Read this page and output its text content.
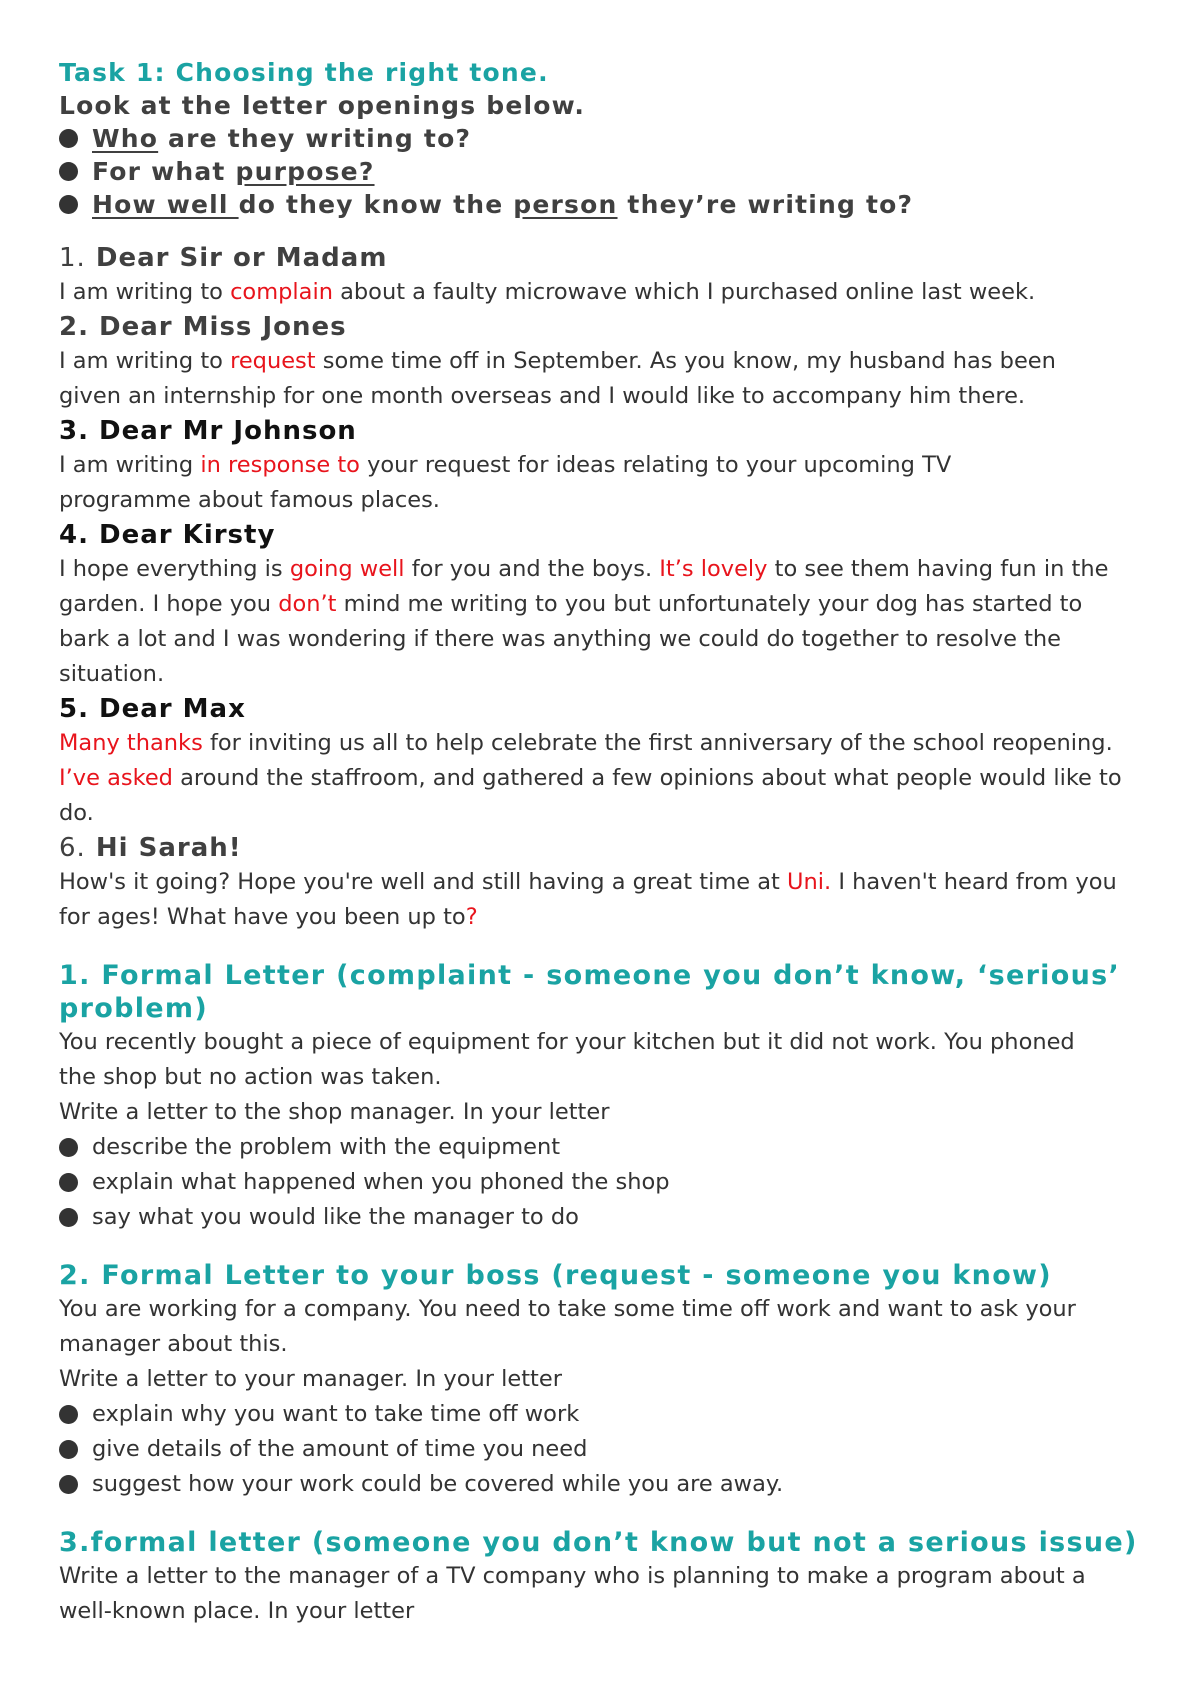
Task 1: Choosing the right tone.

Look at the letter openings below.

Who are they writing to?

For what purpose?

How well do they know the person they’re writing to?

1. Dear Sir or Madam

I am writing to complain about a faulty microwave which I purchased online last week.

2. Dear Miss Jones

I am writing to request some time off in September. As you know, my husband has been
given an internship for one month overseas and I would like to accompany him there.

3. Dear Mr Johnson

I am writing in response to your request for ideas relating to your upcoming TV
programme about famous places.

4. Dear Kirsty

I hope everything is going well for you and the boys. It’s lovely to see them having fun in the
garden. I hope you don’t mind me writing to you but unfortunately your dog has started to
bark a lot and I was wondering if there was anything we could do together to resolve the
situation.

5. Dear Max

Many thanks for inviting us all to help celebrate the first anniversary of the school reopening.
I’ve asked around the staffroom, and gathered a few opinions about what people would like to
do.

6. Hi Sarah!

How's it going? Hope you're well and still having a great time at Uni. I haven't heard from you
for ages! What have you been up to?

1. Formal Letter (complaint - someone you don’t know, ‘serious’
problem)

You recently bought a piece of equipment for your kitchen but it did not work. You phoned
the shop but no action was taken.
Write a letter to the shop manager. In your letter

describe the problem with the equipment
explain what happened when you phoned the shop
say what you would like the manager to do

2. Formal Letter to your boss (request - someone you know)

You are working for a company. You need to take some time off work and want to ask your
manager about this.
Write a letter to your manager. In your letter

explain why you want to take time off work
give details of the amount of time you need
suggest how your work could be covered while you are away.

3.formal letter (someone you don’t know but not a serious issue)

Write a letter to the manager of a TV company who is planning to make a program about a
well-known place. In your letter
